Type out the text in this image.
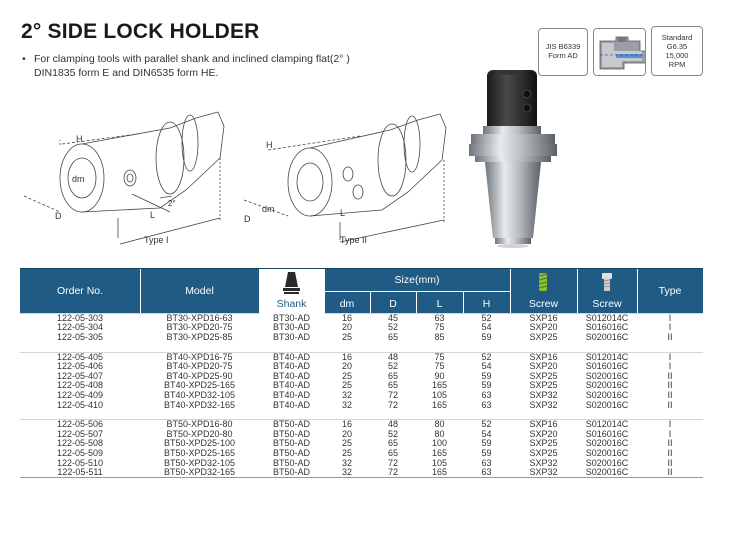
2° SIDE LOCK HOLDER
• For clamping tools with parallel shank and inclined clamping flat(2° )
DIN1835 form E and DIN6535 form HE.
JIS B6339
Form AD
Standard
G6.35
15,000
RPM
H
dm
D	L
2°
Type I
H
dm
D
L
Type II
Order No.	Model
Shank
Size(mm)
dm	D	L	H	Screw	Screw
Type
122-05-303	BT30-XPD16-63	BT30-AD	16	45	63	52	SXP16	S012014C	I
122-05-304	BT30-XPD20-75	BT30-AD	20	52	75	54	SXP20	S016016C	I
122-05-305	BT30-XPD25-85	BT30-AD	25	65	85	59	SXP25	S020016C	II

122-05-405	BT40-XPD16-75	BT40-AD	16	48	75	52	SXP16	S012014C	I
122-05-406	BT40-XPD20-75	BT40-AD	20	52	75	54	SXP20	S016016C	I
122-05-407	BT40-XPD25-90	BT40-AD	25	65	90	59	SXP25	S020016C	II
122-05-408	BT40-XPD25-165	BT40-AD	25	65	165	59	SXP25	S020016C	II
122-05-409	BT40-XPD32-105	BT40-AD	32	72	105	63	SXP32	S020016C	II
122-05-410	BT40-XPD32-165	BT40-AD	32	72	165	63	SXP32	S020016C	II

122-05-506	BT50-XPD16-80	BT50-AD	16	48	80	52	SXP16	S012014C	I
122-05-507	BT50-XPD20-80	BT50-AD	20	52	80	54	SXP20	S016016C	I
122-05-508	BT50-XPD25-100	BT50-AD	25	65	100	59	SXP25	S020016C	II
122-05-509	BT50-XPD25-165	BT50-AD	25	65	165	59	SXP25	S020016C	II
122-05-510	BT50-XPD32-105	BT50-AD	32	72	105	63	SXP32	S020016C	II
122-05-511	BT50-XPD32-165	BT50-AD	32	72	165	63	SXP32	S020016C	II
